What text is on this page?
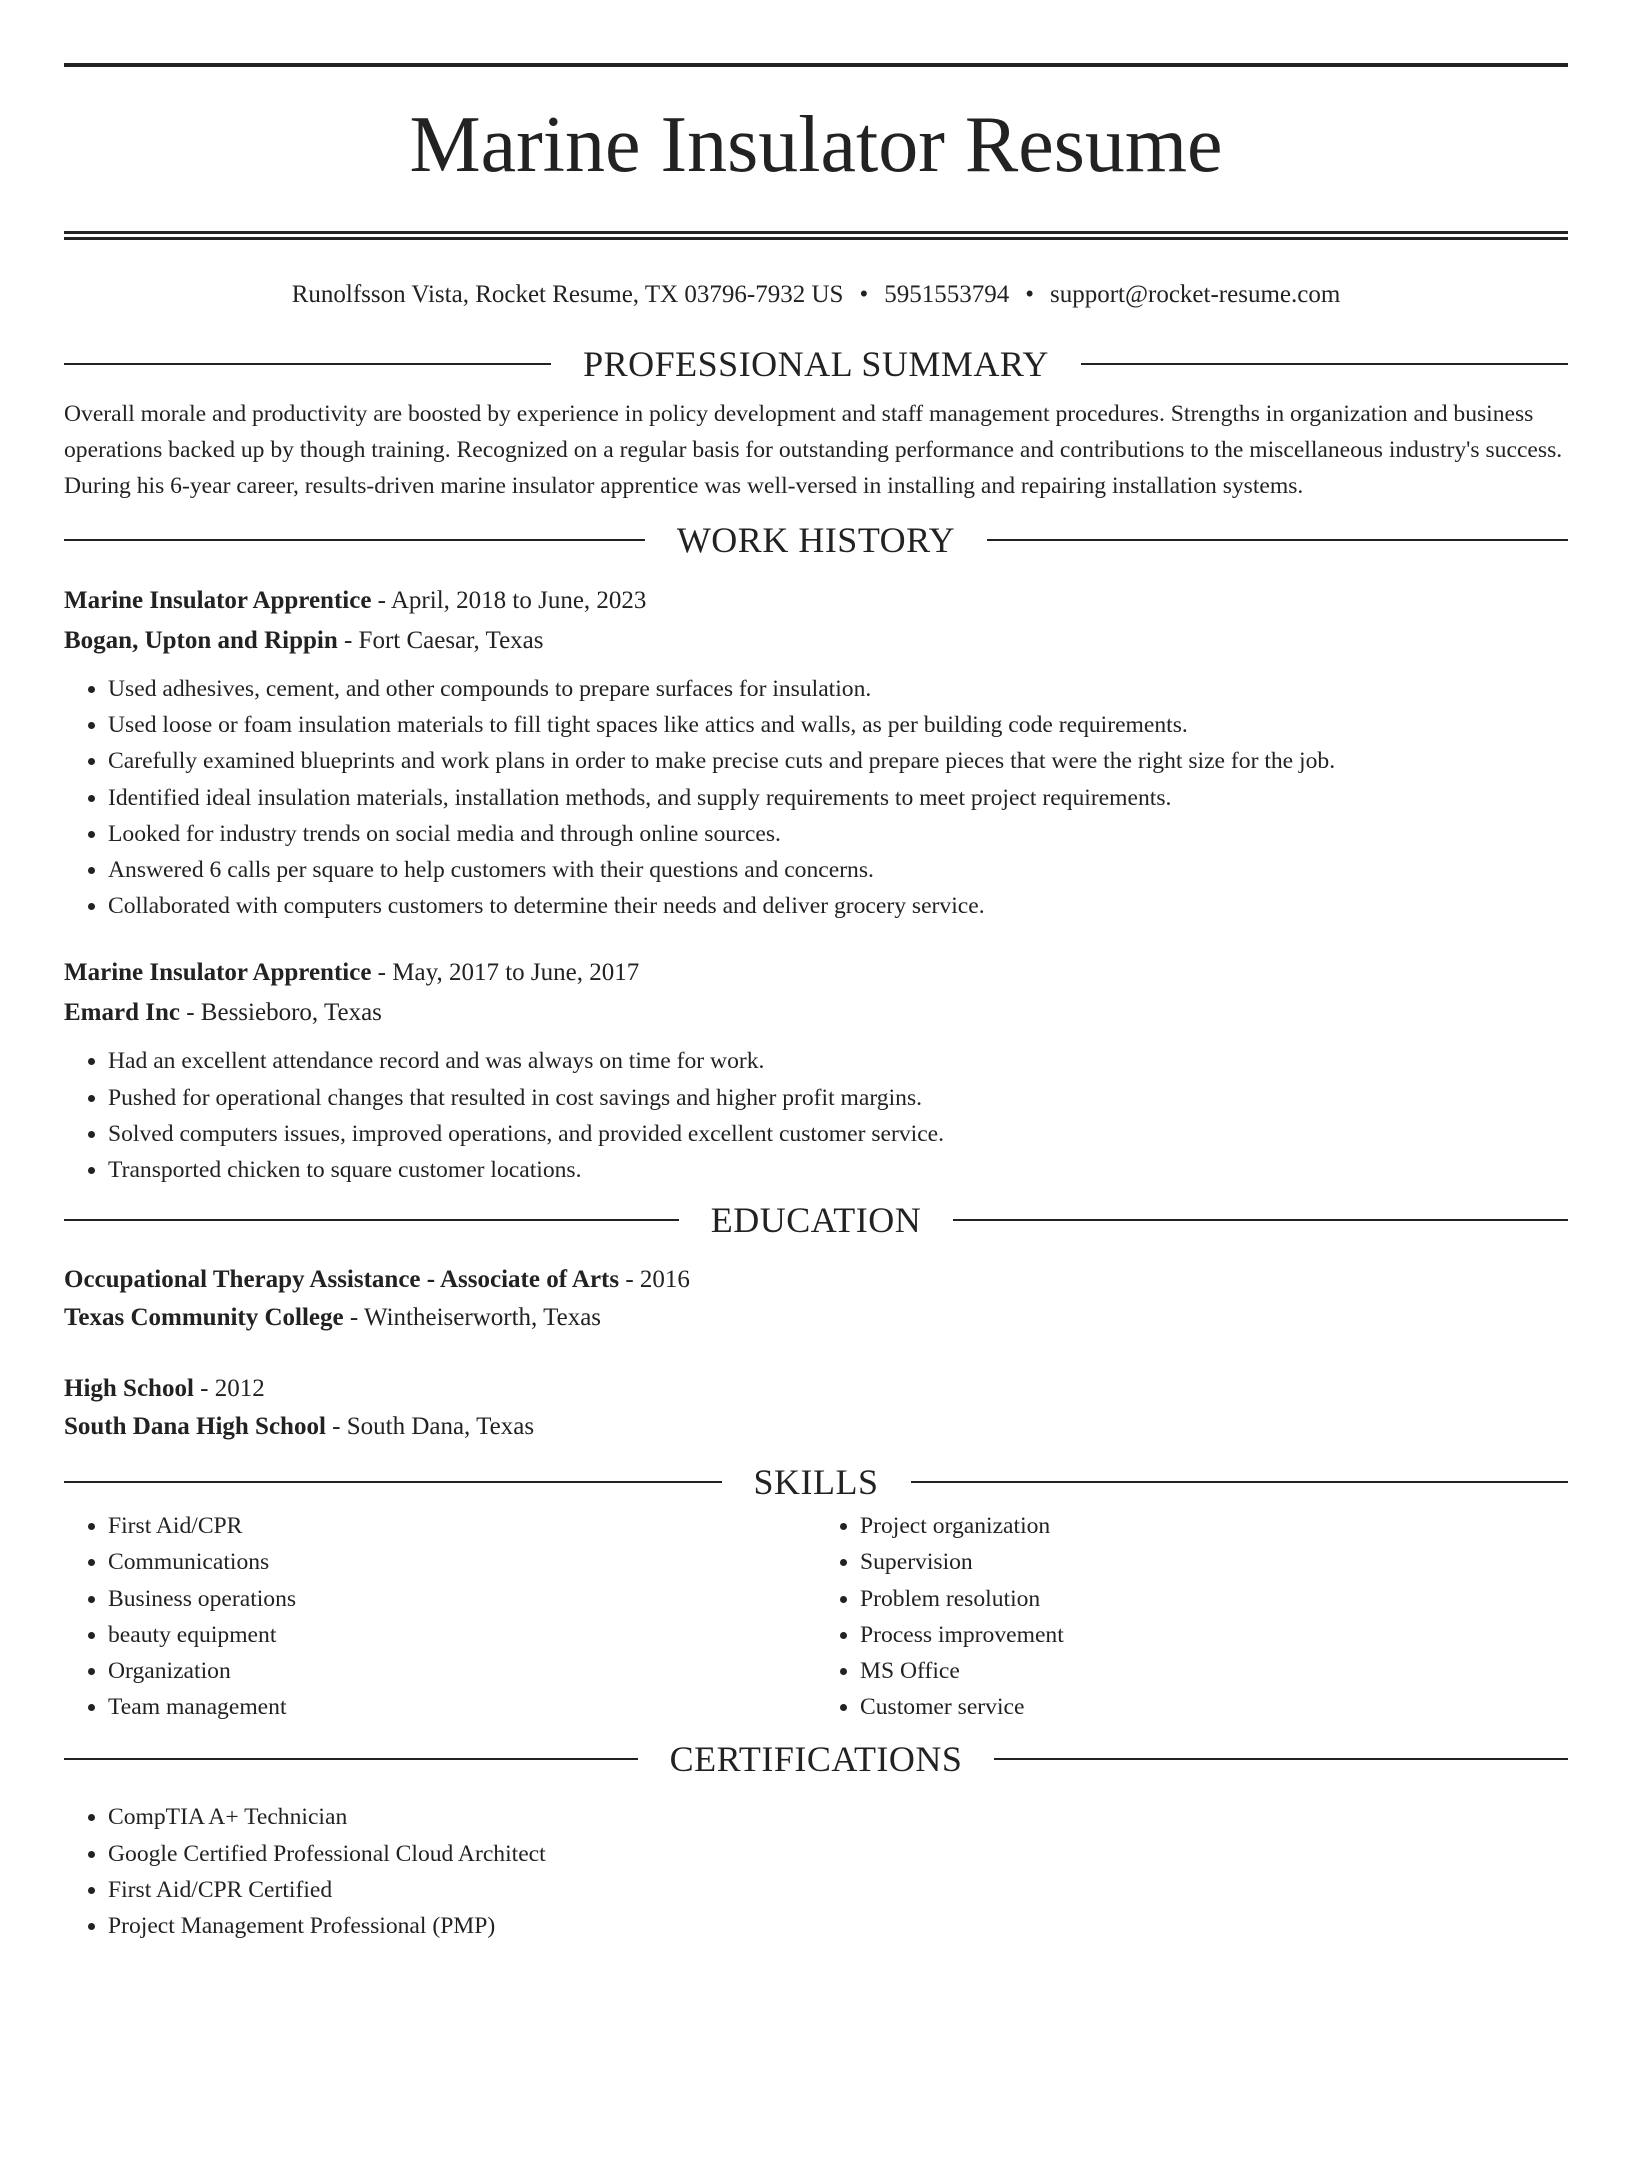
Marine Insulator Resume
Runolfsson Vista, Rocket Resume, TX 03796-7932 US • 5951553794 • support@rocket-resume.com
PROFESSIONAL SUMMARY
Overall morale and productivity are boosted by experience in policy development and staff management procedures. Strengths in organization and business operations backed up by though training. Recognized on a regular basis for outstanding performance and contributions to the miscellaneous industry's success. During his 6-year career, results-driven marine insulator apprentice was well-versed in installing and repairing installation systems.
WORK HISTORY
Marine Insulator Apprentice - April, 2018 to June, 2023
Bogan, Upton and Rippin - Fort Caesar, Texas
• Used adhesives, cement, and other compounds to prepare surfaces for insulation.
• Used loose or foam insulation materials to fill tight spaces like attics and walls, as per building code requirements.
• Carefully examined blueprints and work plans in order to make precise cuts and prepare pieces that were the right size for the job.
• Identified ideal insulation materials, installation methods, and supply requirements to meet project requirements.
• Looked for industry trends on social media and through online sources.
• Answered 6 calls per square to help customers with their questions and concerns.
• Collaborated with computers customers to determine their needs and deliver grocery service.
Marine Insulator Apprentice - May, 2017 to June, 2017
Emard Inc - Bessieboro, Texas
• Had an excellent attendance record and was always on time for work.
• Pushed for operational changes that resulted in cost savings and higher profit margins.
• Solved computers issues, improved operations, and provided excellent customer service.
• Transported chicken to square customer locations.
EDUCATION
Occupational Therapy Assistance - Associate of Arts - 2016
Texas Community College - Wintheiserworth, Texas
High School - 2012
South Dana High School - South Dana, Texas
SKILLS
• First Aid/CPR
• Communications
• Business operations
• beauty equipment
• Organization
• Team management
• Project organization
• Supervision
• Problem resolution
• Process improvement
• MS Office
• Customer service
CERTIFICATIONS
• CompTIA A+ Technician
• Google Certified Professional Cloud Architect
• First Aid/CPR Certified
• Project Management Professional (PMP)
